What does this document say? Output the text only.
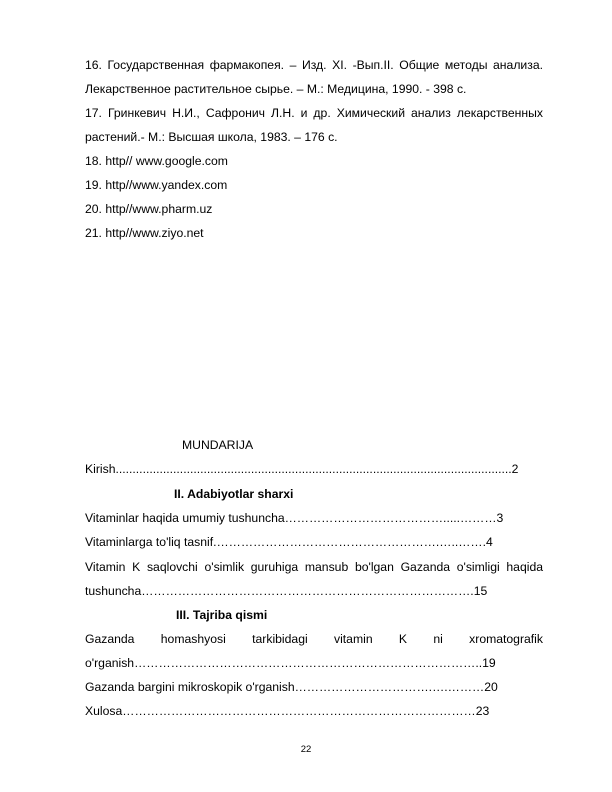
16. Государственная фармакопея. – Изд. XI. -Вып.II. Общие методы анализа.
Лекарственное растительное сырье. – М.: Медицина, 1990. - 398 с.
17. Гринкевич Н.И., Сафронич Л.Н. и др. Химический анализ лекарственных
растений.- М.: Высшая школа, 1983. – 176 с.
18. http// www.google.com
19. http//www.yandex.com
20. http//www.pharm.uz
21. http//www.ziyo.net
MUNDARIJA
Kirish.....................................................................................................................2
II. Adabiyotlar sharxi
Vitaminlar haqida umumiy tushuncha………………………………….....………3
Vitaminlarga to'liq tasnif.……………………………………………….…..…….4
Vitamin K saqlovchi o'simlik guruhiga mansub bo'lgan Gazanda o'simligi haqida
tushuncha……………………………………………………………………….15
III. Tajriba qismi
Gazanda homashyosi tarkibidagi vitamin K ni xromatografik
o'rganish…………………………………………………………………………..19
Gazanda bargini mikroskopik o'rganish…………………………….….………20
Xulosa……………………………………………………………………………23
22
